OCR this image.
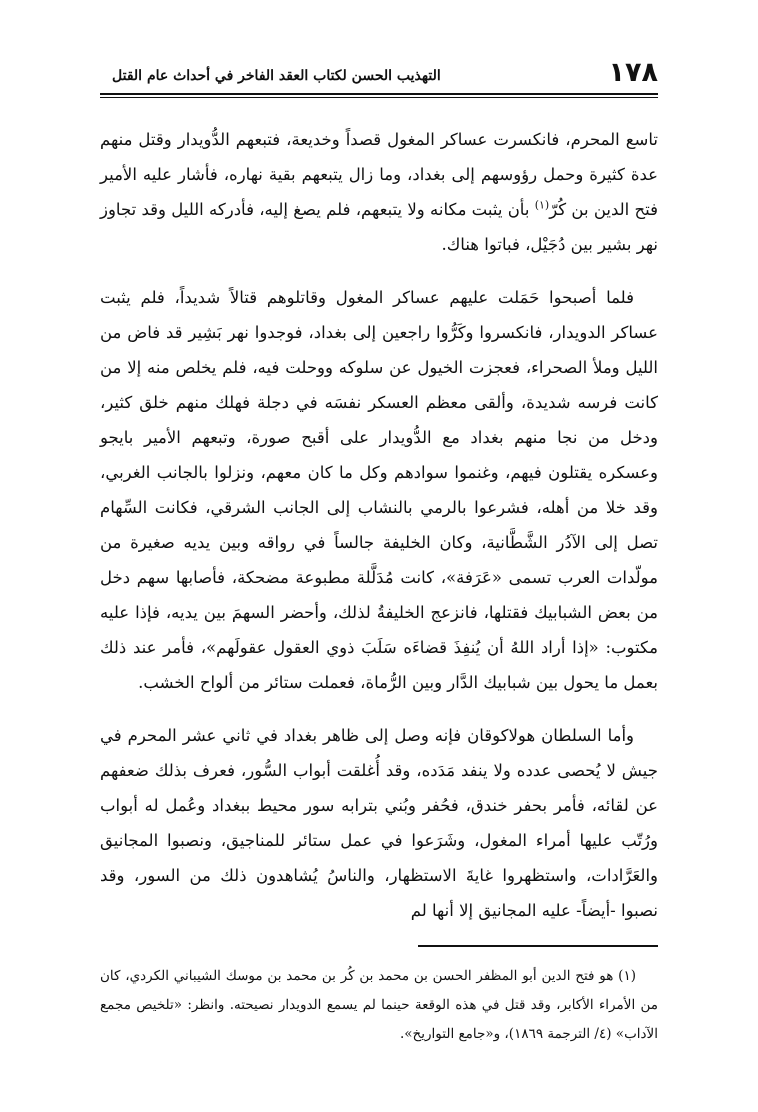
١٧٨
التهذيب الحسن لكتاب العقد الفاخر في أحداث عام القتل

تاسع المحرم، فانكسرت عساكر المغول قصداً وخديعة، فتبعهم الدُّويدار وقتل منهم عدة كثيرة وحمل رؤوسهم إلى بغداد، وما زال يتبعهم بقية نهاره، فأشار عليه الأمير فتح الدين بن كُرّ$^{(١)}$ بأن يثبت مكانه ولا يتبعهم، فلم يصغ إليه، فأدركه الليل وقد تجاوز نهر بشير بين دُجَيْل، فباتوا هناك.

فلما أصبحوا حَمَلت عليهم عساكر المغول وقاتلوهم قتالاً شديداً، فلم يثبت عساكر الدويدار، فانكسروا وكَرُّوا راجعين إلى بغداد، فوجدوا نهر بَشِير قد فاض من الليل وملأ الصحراء، فعجزت الخيول عن سلوكه ووحلت فيه، فلم يخلص منه إلا من كانت فرسه شديدة، وألقى معظم العسكر نفسَه في دجلة فهلك منهم خلق كثير، ودخل من نجا منهم بغداد مع الدُّويدار على أقبح صورة، وتبعهم الأمير بايجو وعسكره يقتلون فيهم، وغنموا سوادهم وكل ما كان معهم، ونزلوا بالجانب الغربي، وقد خلا من أهله، فشرعوا بالرمي بالنشاب إلى الجانب الشرقي، فكانت السِّهام تصل إلى الآدُر الشَّطَّانية، وكان الخليفة جالساً في رواقه وبين يديه صغيرة من مولّدات العرب تسمى «عَرَفة»، كانت مُدَلَّلة مطبوعة مضحكة، فأصابها سهم دخل من بعض الشبابيك فقتلها، فانزعج الخليفةُ لذلك، وأحضر السهمَ بين يديه، فإذا عليه مكتوب: «إذا أراد اللهُ أن يُنفِذَ قضاءَه سَلَبَ ذوي العقول عقولَهم»، فأمر عند ذلك بعمل ما يحول بين شبابيك الدَّار وبين الرُّماة، فعملت ستائر من ألواح الخشب.

وأما السلطان هولاكوقان فإنه وصل إلى ظاهر بغداد في ثاني عشر المحرم في جيش لا يُحصى عدده ولا ينفد مَدَده، وقد أُغلقت أبواب السُّور، فعرف بذلك ضعفهم عن لقائه، فأمر بحفر خندق، فحُفر وبُني بترابه سور محيط ببغداد وعُمل له أبواب ورُتّب عليها أمراء المغول، وشَرَعوا في عمل ستائر للمناجيق، ونصبوا المجانيق والعَرَّادات، واستظهروا غايةَ الاستظهار، والناسُ يُشاهدون ذلك من السور، وقد نصبوا -أيضاً- عليه المجانيق إلا أنها لم

(١) هو فتح الدين أبو المظفر الحسن بن محمد بن كُر بن محمد بن موسك الشيباني الكردي، كان من الأمراء الأكابر، وقد قتل في هذه الوقعة حينما لم يسمع الدويدار نصيحته. وانظر: «تلخيص مجمع الآداب» (٤/ الترجمة ١٨٦٩)، و«جامع التواريخ».
